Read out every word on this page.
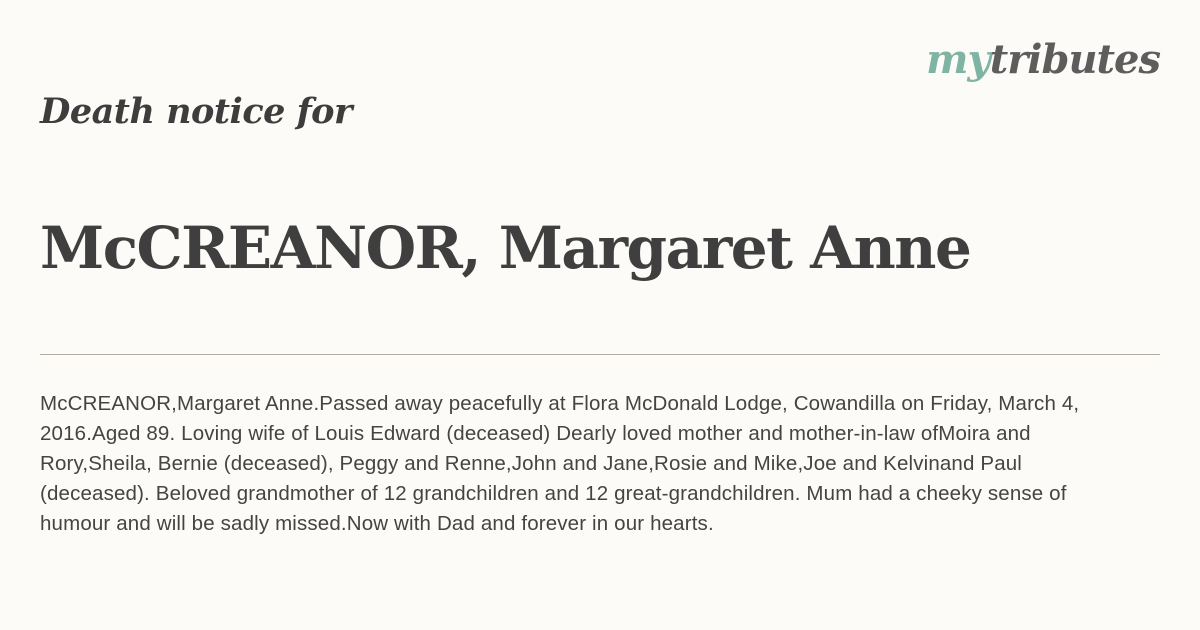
mytributes
Death notice for
McCREANOR, Margaret Anne

McCREANOR,Margaret Anne.Passed away peacefully at Flora McDonald Lodge, Cowandilla on Friday, March 4,
2016.Aged 89. Loving wife of Louis Edward (deceased) Dearly loved mother and mother-in-law ofMoira and
Rory,Sheila, Bernie (deceased), Peggy and Renne,John and Jane,Rosie and Mike,Joe and Kelvinand Paul
(deceased). Beloved grandmother of 12 grandchildren and 12 great-grandchildren. Mum had a cheeky sense of
humour and will be sadly missed.Now with Dad and forever in our hearts.
